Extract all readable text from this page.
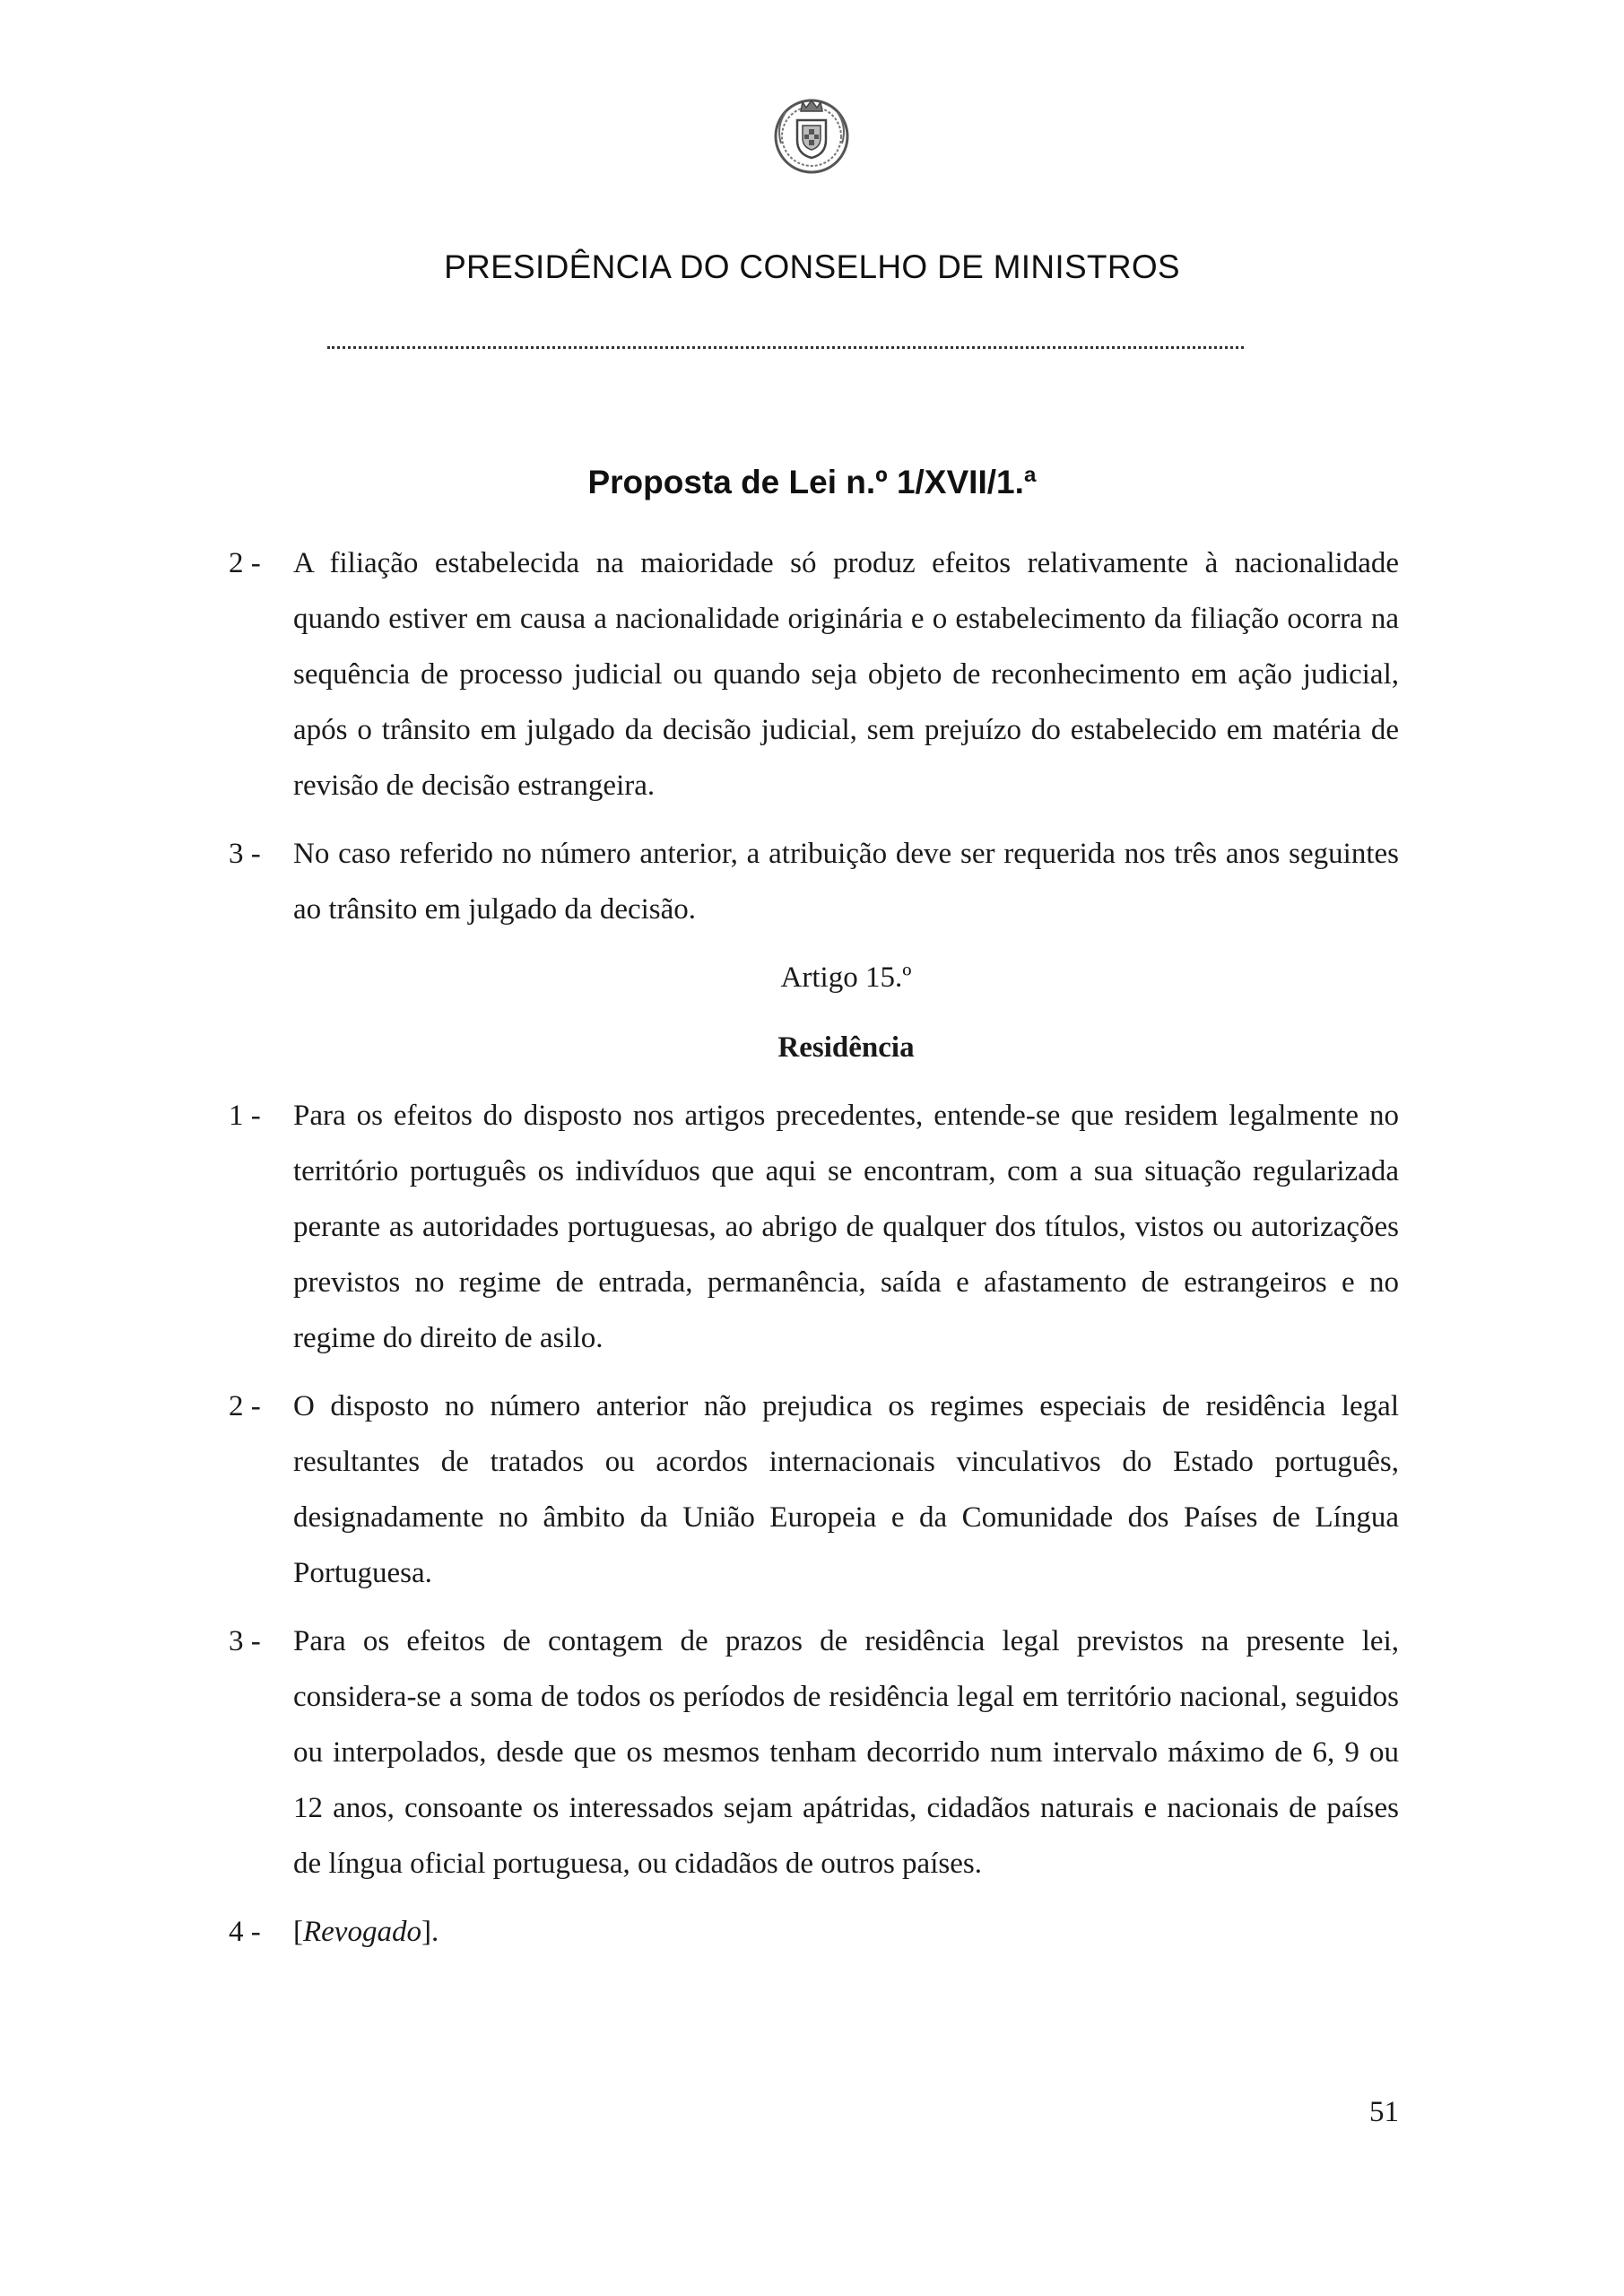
PRESIDÊNCIA DO CONSELHO DE MINISTROS
Proposta de Lei n.º 1/XVII/1.ª
2 -	A filiação estabelecida na maioridade só produz efeitos relativamente à nacionalidade quando estiver em causa a nacionalidade originária e o estabelecimento da filiação ocorra na sequência de processo judicial ou quando seja objeto de reconhecimento em ação judicial, após o trânsito em julgado da decisão judicial, sem prejuízo do estabelecido em matéria de revisão de decisão estrangeira.
3 -	No caso referido no número anterior, a atribuição deve ser requerida nos três anos seguintes ao trânsito em julgado da decisão.
Artigo 15.º
Residência
1 -	Para os efeitos do disposto nos artigos precedentes, entende-se que residem legalmente no território português os indivíduos que aqui se encontram, com a sua situação regularizada perante as autoridades portuguesas, ao abrigo de qualquer dos títulos, vistos ou autorizações previstos no regime de entrada, permanência, saída e afastamento de estrangeiros e no regime do direito de asilo.
2 -	O disposto no número anterior não prejudica os regimes especiais de residência legal resultantes de tratados ou acordos internacionais vinculativos do Estado português, designadamente no âmbito da União Europeia e da Comunidade dos Países de Língua Portuguesa.
3 -	Para os efeitos de contagem de prazos de residência legal previstos na presente lei, considera-se a soma de todos os períodos de residência legal em território nacional, seguidos ou interpolados, desde que os mesmos tenham decorrido num intervalo máximo de 6, 9 ou 12 anos, consoante os interessados sejam apátridas, cidadãos naturais e nacionais de países de língua oficial portuguesa, ou cidadãos de outros países.
4 -	[Revogado].
51
